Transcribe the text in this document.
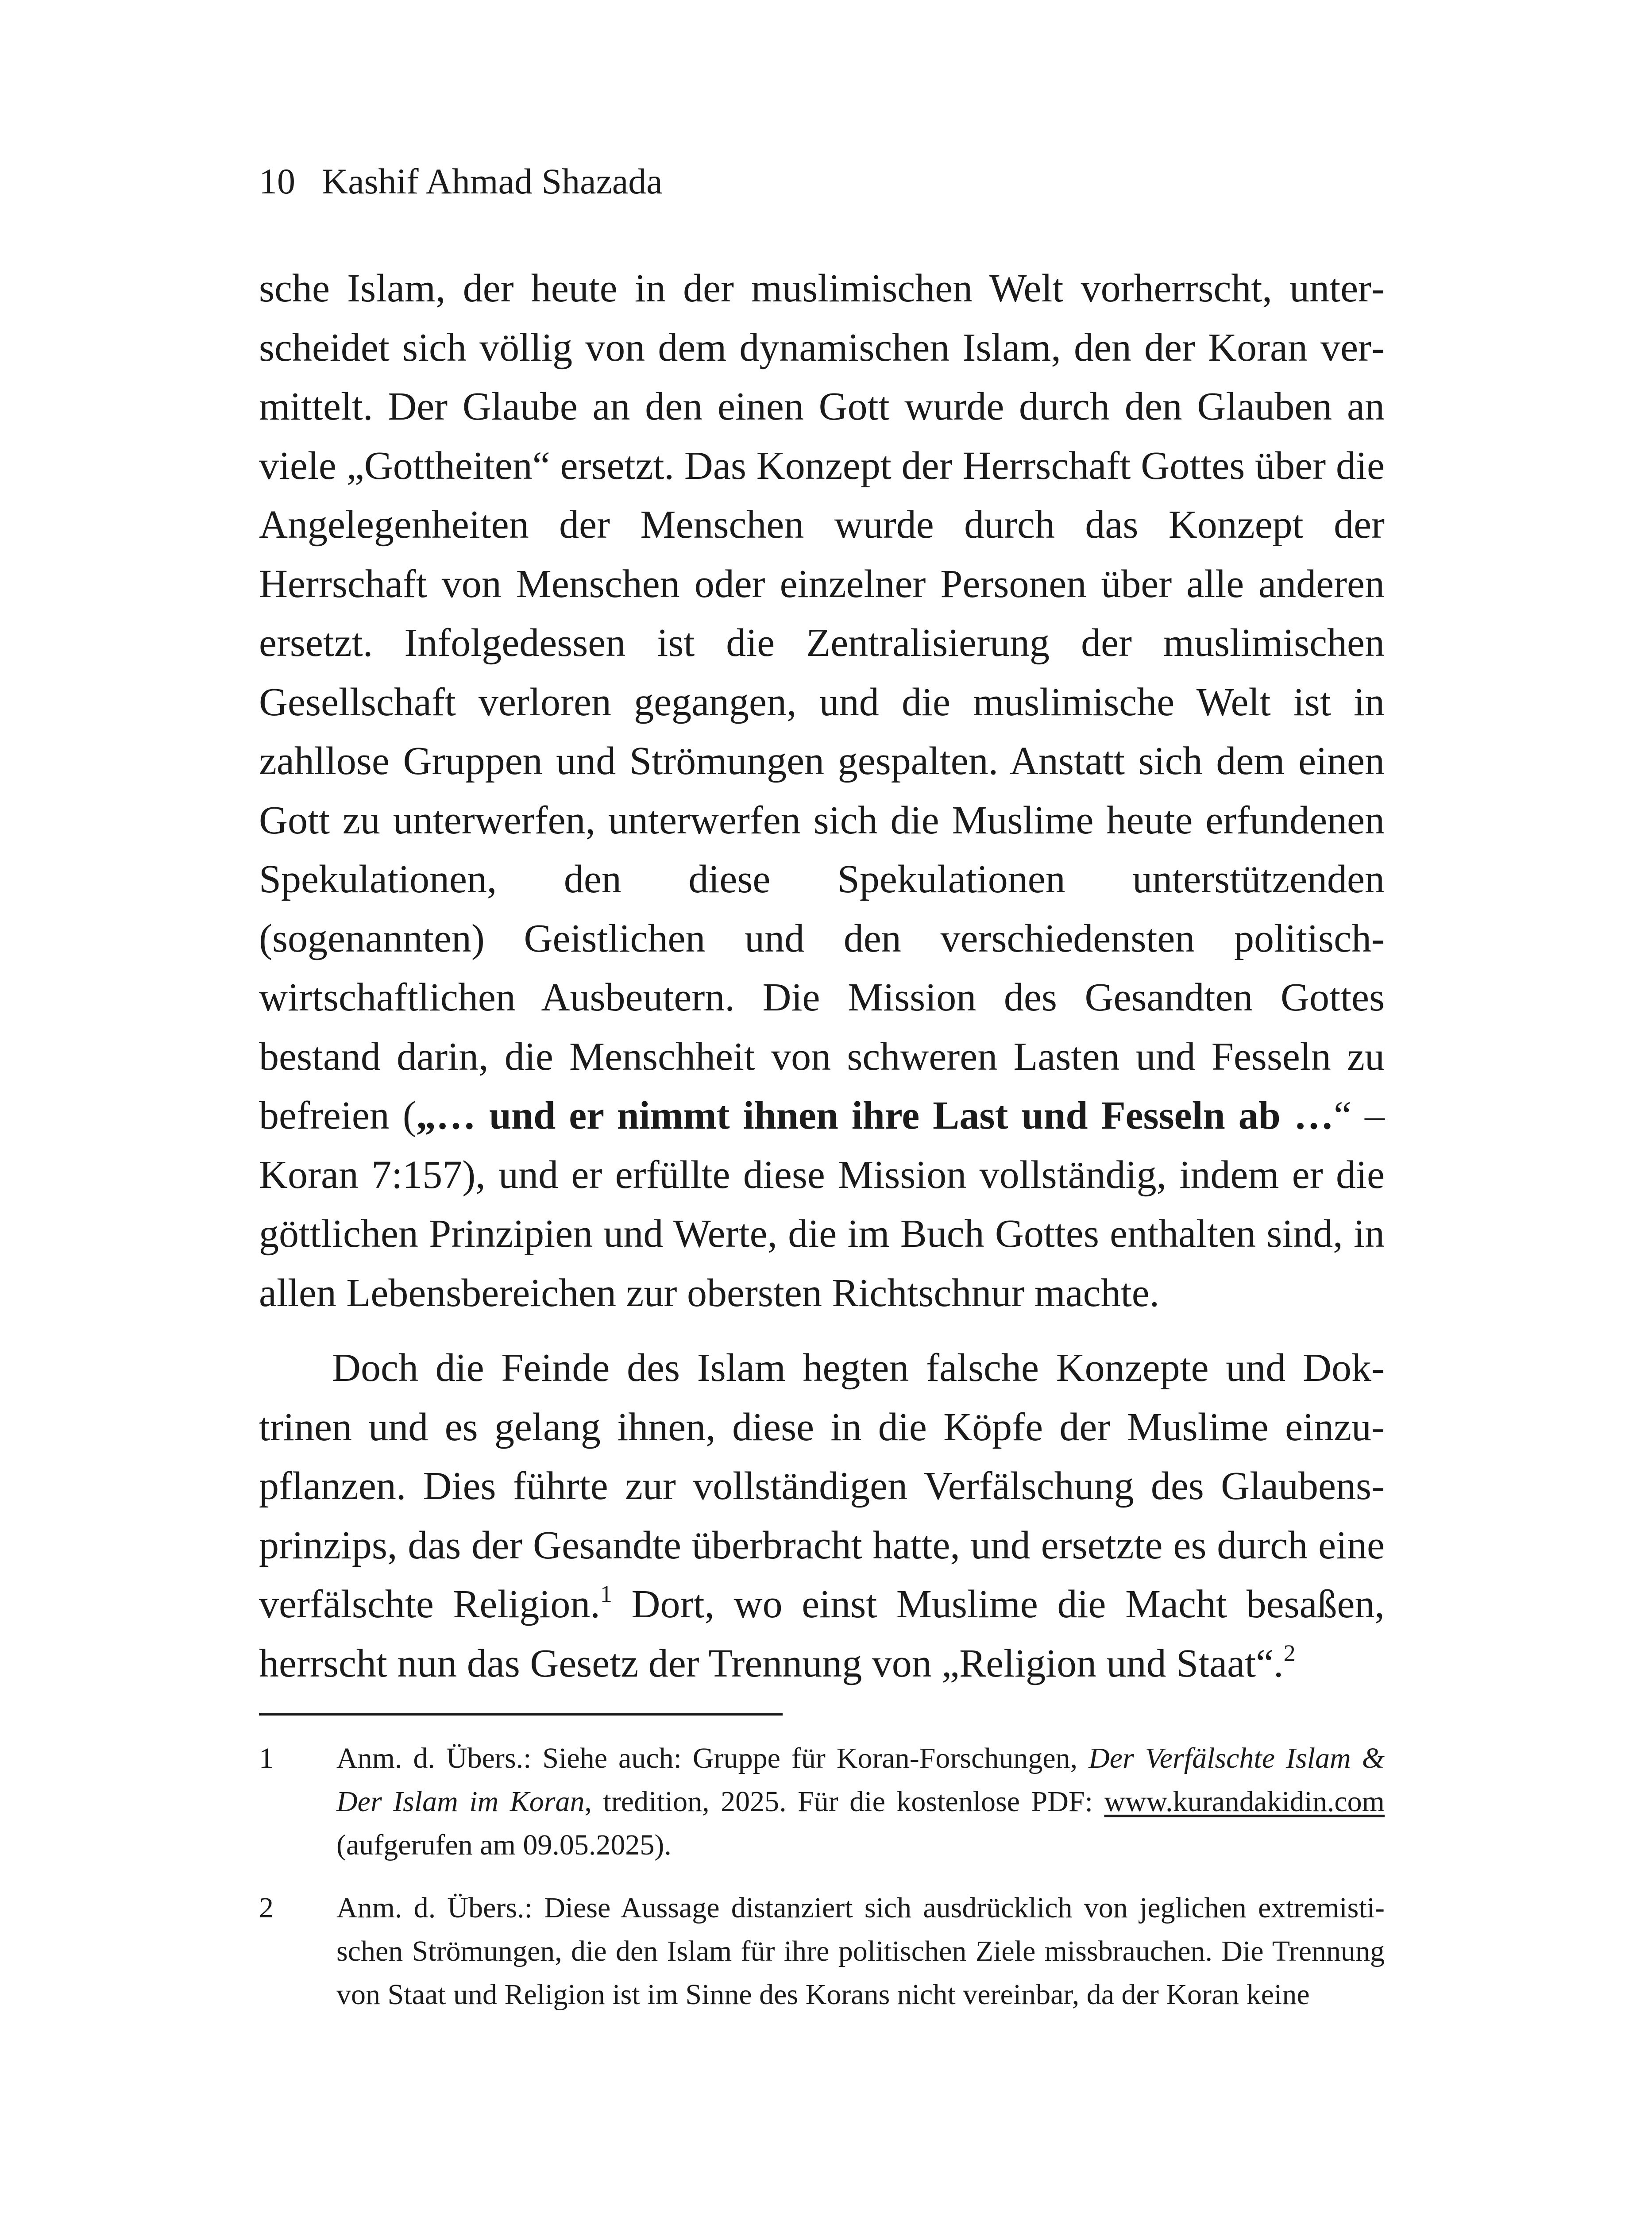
10 Kashif Ahmad Shazada

sche Islam, der heute in der muslimischen Welt vorherrscht, unterscheidet sich völlig von dem dynamischen Islam, den der Koran vermittelt. Der Glaube an den einen Gott wurde durch den Glauben an viele „Gottheiten“ ersetzt. Das Konzept der Herrschaft Gottes über die Angelegenheiten der Menschen wurde durch das Konzept der Herrschaft von Menschen oder einzelner Personen über alle anderen ersetzt. Infolgedessen ist die Zentralisierung der muslimischen Gesellschaft verloren gegangen, und die muslimische Welt ist in zahllose Gruppen und Strömungen gespalten. Anstatt sich dem einen Gott zu unterwerfen, unterwerfen sich die Muslime heute erfundenen Spekulationen, den diese Spekulationen unterstützenden (sogenannten) Geistlichen und den verschiedensten politisch-wirtschaftlichen Ausbeutern. Die Mission des Gesandten Gottes bestand darin, die Menschheit von schweren Lasten und Fesseln zu befreien („… und er nimmt ihnen ihre Last und Fesseln ab …“ – Koran 7:157), und er erfüllte diese Mission vollständig, indem er die göttlichen Prinzipien und Werte, die im Buch Gottes enthalten sind, in allen Lebensbereichen zur obersten Richtschnur machte.

Doch die Feinde des Islam hegten falsche Konzepte und Doktrinen und es gelang ihnen, diese in die Köpfe der Muslime einzupflanzen. Dies führte zur vollständigen Verfälschung des Glaubensprinzips, das der Gesandte überbracht hatte, und ersetzte es durch eine verfälschte Religion.$^1$ Dort, wo einst Muslime die Macht besaßen, herrscht nun das Gesetz der Trennung von „Religion und Staat“.$^2$

1	Anm. d. Übers.: Siehe auch: Gruppe für Koran-Forschungen, Der Verfälschte Islam & Der Islam im Koran, tredition, 2025. Für die kostenlose PDF: www.kurandakidin.com (aufgerufen am 09.05.2025).
2	Anm. d. Übers.: Diese Aussage distanziert sich ausdrücklich von jeglichen extremistischen Strömungen, die den Islam für ihre politischen Ziele missbrauchen. Die Trennung von Staat und Religion ist im Sinne des Korans nicht vereinbar, da der Koran keine
